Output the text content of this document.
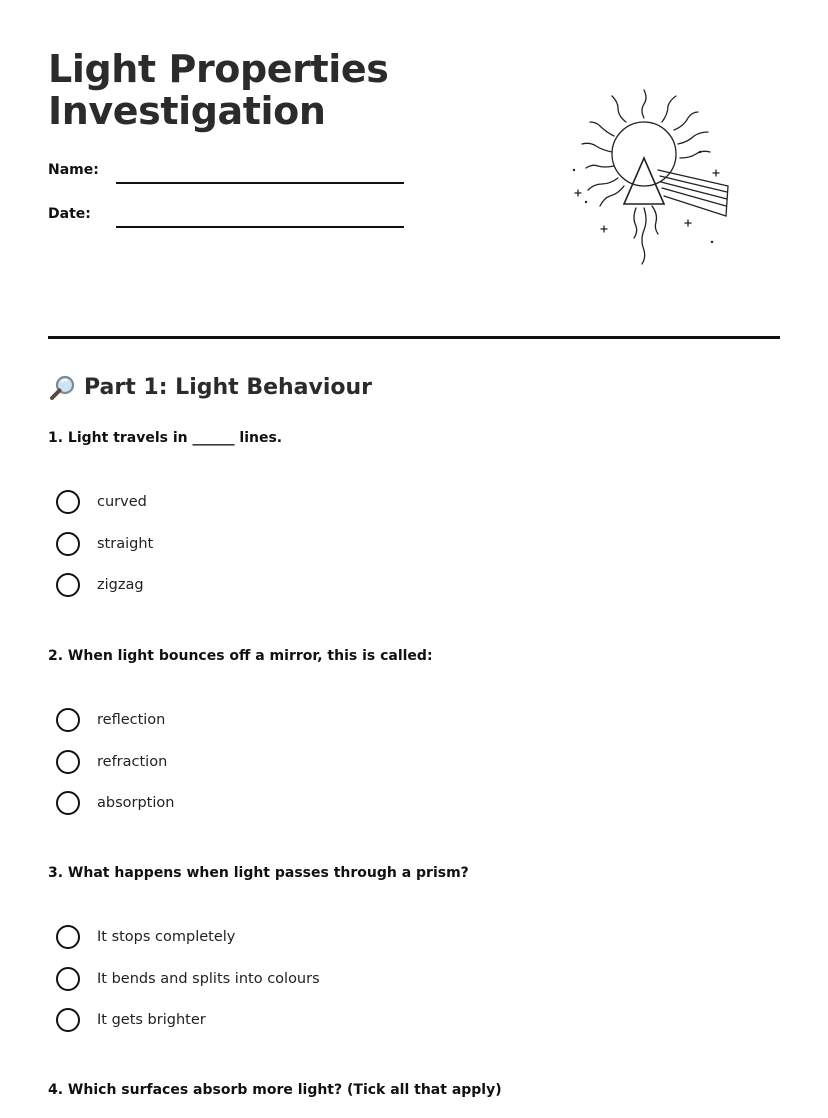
Light Properties
Investigation
Name:
Date:
Part 1: Light Behaviour

1. Light travels in ______ lines.

curved
straight
zigzag

2. When light bounces off a mirror, this is called:

reflection
refraction
absorption

3. What happens when light passes through a prism?

It stops completely
It bends and splits into colours
It gets brighter

4. Which surfaces absorb more light? (Tick all that apply)
